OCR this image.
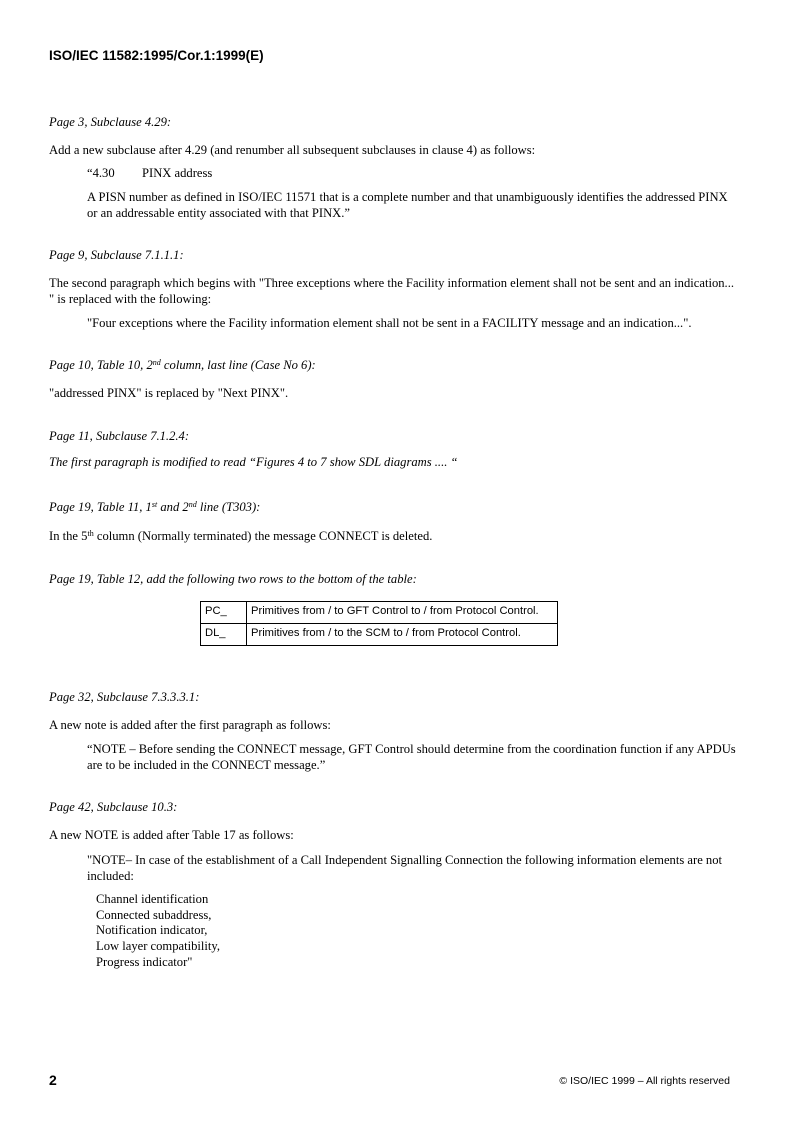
ISO/IEC 11582:1995/Cor.1:1999(E)
Page 3, Subclause 4.29:
Add a new subclause after 4.29 (and renumber all subsequent subclauses in clause 4) as follows:
“4.30 PINX address
A PISN number as defined in ISO/IEC 11571 that is a complete number and that unambiguously identifies the addressed PINX or an addressable entity associated with that PINX.”
Page 9, Subclause 7.1.1.1:
The second paragraph which begins with "Three exceptions where the Facility information element shall not be sent and an indication... " is replaced with the following:
"Four exceptions where the Facility information element shall not be sent in a FACILITY message and an indication...".
Page 10, Table 10, 2nd column, last line (Case No 6):
"addressed PINX" is replaced by "Next PINX".
Page 11, Subclause 7.1.2.4:
The first paragraph is modified to read “Figures 4 to 7 show SDL diagrams .... “
Page 19, Table 11, 1st and 2nd line (T303):
In the 5th column (Normally terminated) the message CONNECT is deleted.
Page 19, Table 12, add the following two rows to the bottom of the table:
PC_	Primitives from / to GFT Control to / from Protocol Control.
DL_	Primitives from / to the SCM to / from Protocol Control.
Page 32, Subclause 7.3.3.3.1:
A new note is added after the first paragraph as follows:
“NOTE – Before sending the CONNECT message, GFT Control should determine from the coordination function if any APDUs are to be included in the CONNECT message.”
Page 42, Subclause 10.3:
A new NOTE is added after Table 17 as follows:
"NOTE– In case of the establishment of a Call Independent Signalling Connection the following information elements are not included:
Channel identification
Connected subaddress,
Notification indicator,
Low layer compatibility,
Progress indicator"
2	© ISO/IEC 1999 – All rights reserved
